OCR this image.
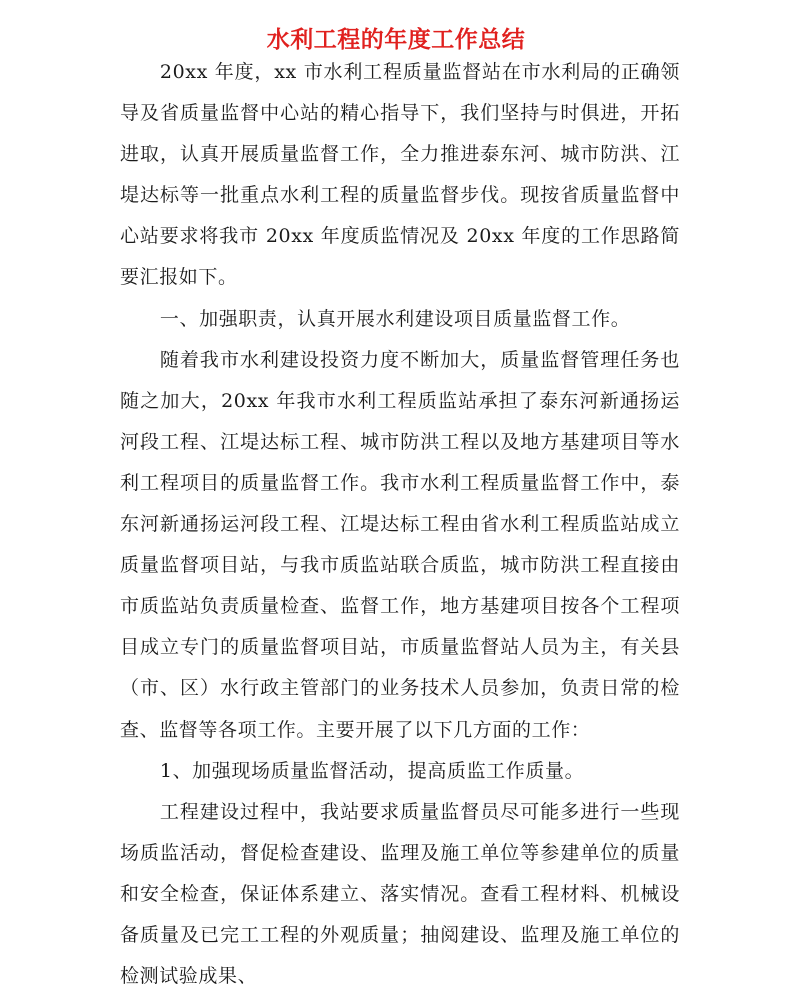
水利工程的年度工作总结

20xx 年度，xx 市水利工程质量监督站在市水利局的正确领导及省质量监督中心站的精心指导下，我们坚持与时俱进，开拓进取，认真开展质量监督工作，全力推进泰东河、城市防洪、江堤达标等一批重点水利工程的质量监督步伐。现按省质量监督中心站要求将我市 20xx 年度质监情况及 20xx 年度的工作思路简要汇报如下。

一、加强职责，认真开展水利建设项目质量监督工作。

随着我市水利建设投资力度不断加大，质量监督管理任务也随之加大，20xx 年我市水利工程质监站承担了泰东河新通扬运河段工程、江堤达标工程、城市防洪工程以及地方基建项目等水利工程项目的质量监督工作。我市水利工程质量监督工作中，泰东河新通扬运河段工程、江堤达标工程由省水利工程质监站成立质量监督项目站，与我市质监站联合质监，城市防洪工程直接由市质监站负责质量检查、监督工作，地方基建项目按各个工程项目成立专门的质量监督项目站，市质量监督站人员为主，有关县（市、区）水行政主管部门的业务技术人员参加，负责日常的检查、监督等各项工作。主要开展了以下几方面的工作：

1、加强现场质量监督活动，提高质监工作质量。

工程建设过程中，我站要求质量监督员尽可能多进行一些现场质监活动，督促检查建设、监理及施工单位等参建单位的质量和安全检查，保证体系建立、落实情况。查看工程材料、机械设备质量及已完工工程的外观质量；抽阅建设、监理及施工单位的检测试验成果、
